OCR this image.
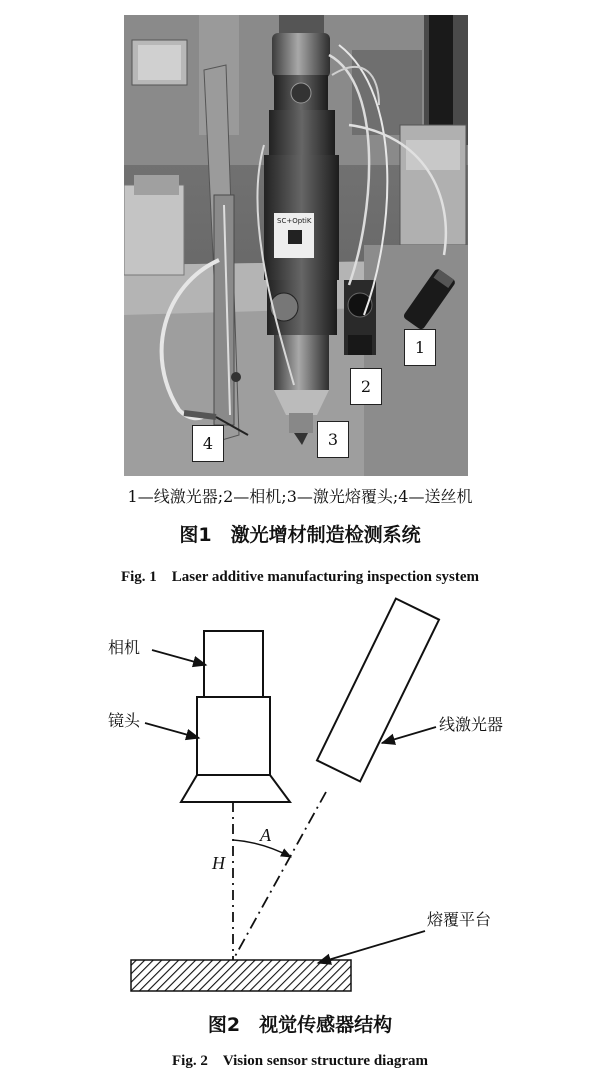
SC+OptiK
1
2
3
4
1—线激光器;2—相机;3—激光熔覆头;4—送丝机
图1　激光增材制造检测系统
Fig. 1　Laser additive manufacturing inspection system
相机
镜头	线激光器
熔覆平台
H
A
图2　视觉传感器结构
Fig. 2　Vision sensor structure diagram
